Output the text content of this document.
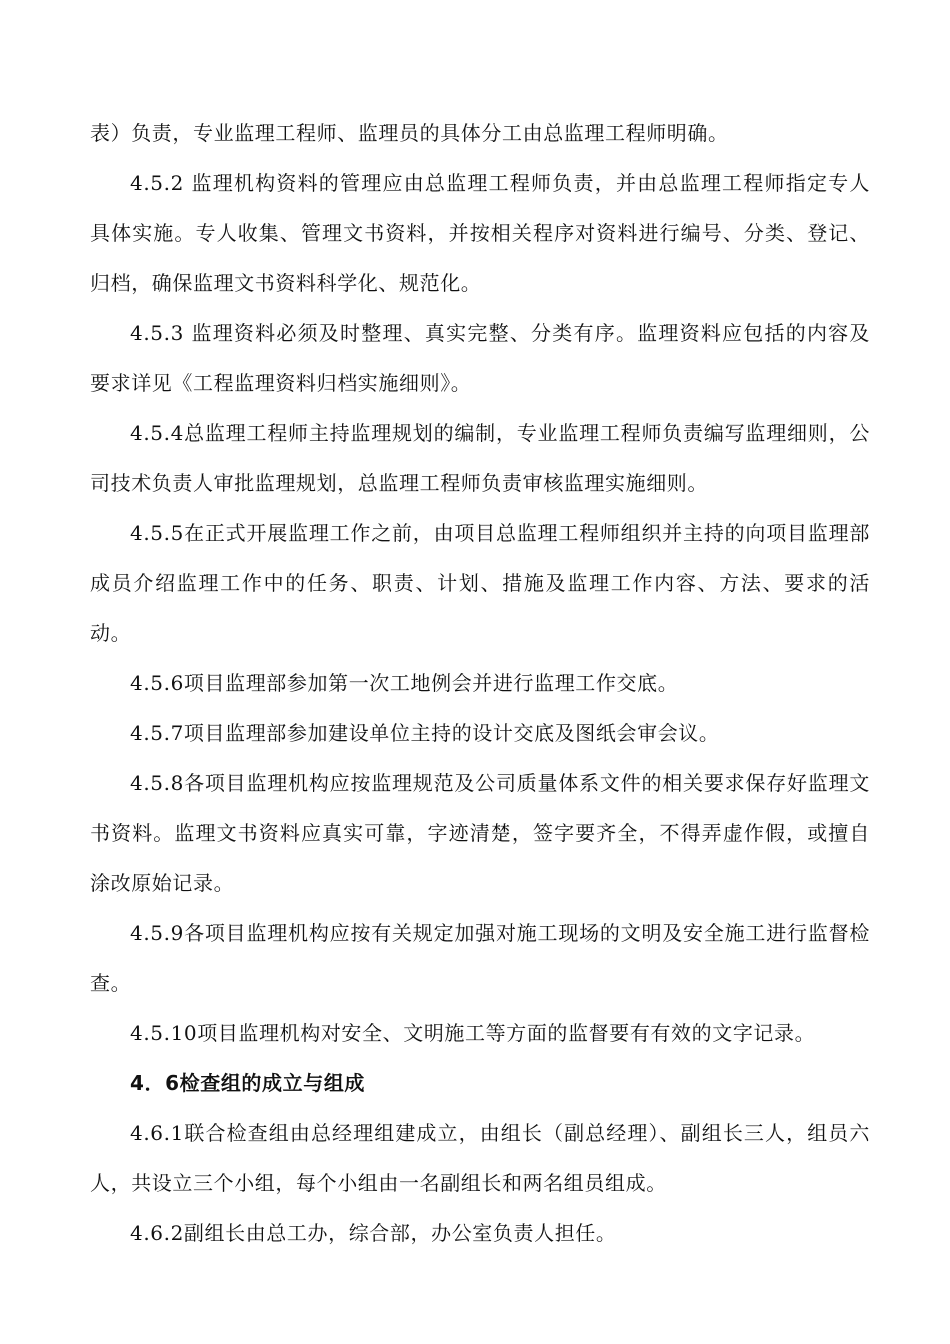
表）负责，专业监理工程师、监理员的具体分工由总监理工程师明确。

4.5.2 监理机构资料的管理应由总监理工程师负责，并由总监理工程师指定专人具体实施。专人收集、管理文书资料，并按相关程序对资料进行编号、分类、登记、归档，确保监理文书资料科学化、规范化。

4.5.3 监理资料必须及时整理、真实完整、分类有序。监理资料应包括的内容及要求详见《工程监理资料归档实施细则》。

4.5.4总监理工程师主持监理规划的编制，专业监理工程师负责编写监理细则，公司技术负责人审批监理规划，总监理工程师负责审核监理实施细则。

4.5.5在正式开展监理工作之前，由项目总监理工程师组织并主持的向项目监理部成员介绍监理工作中的任务、职责、计划、措施及监理工作内容、方法、要求的活动。

4.5.6项目监理部参加第一次工地例会并进行监理工作交底。

4.5.7项目监理部参加建设单位主持的设计交底及图纸会审会议。

4.5.8各项目监理机构应按监理规范及公司质量体系文件的相关要求保存好监理文书资料。监理文书资料应真实可靠，字迹清楚，签字要齐全，不得弄虚作假，或擅自涂改原始记录。

4.5.9各项目监理机构应按有关规定加强对施工现场的文明及安全施工进行监督检查。

4.5.10项目监理机构对安全、文明施工等方面的监督要有有效的文字记录。

4．6检查组的成立与组成

4.6.1联合检查组由总经理组建成立，由组长（副总经理）、副组长三人，组员六人，共设立三个小组，每个小组由一名副组长和两名组员组成。

4.6.2副组长由总工办，综合部，办公室负责人担任。
